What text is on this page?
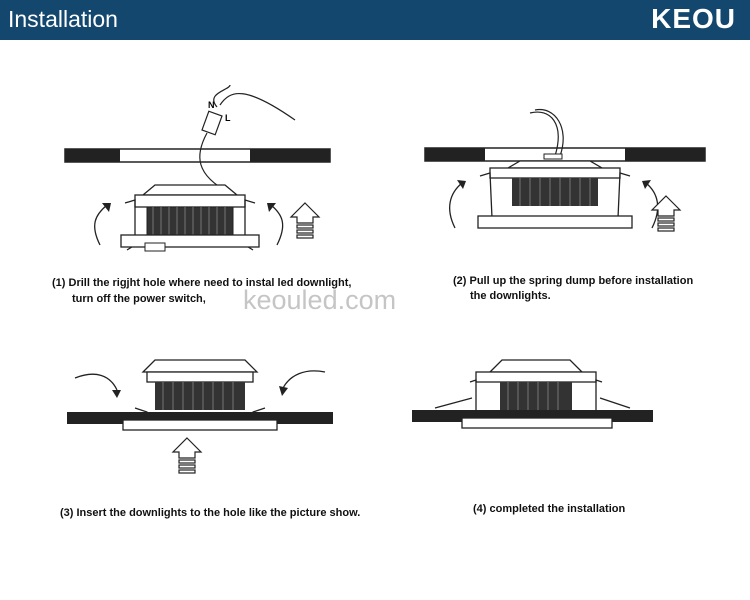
Installation	KEOU
N
L
(1) Drill the rigjht hole where need to instal led downlight,
turn off the power switch,
(2) Pull up the spring dump before installation
the downlights.
keouled.com
(3) Insert the downlights to the hole like the picture show.	(4) completed the installation
